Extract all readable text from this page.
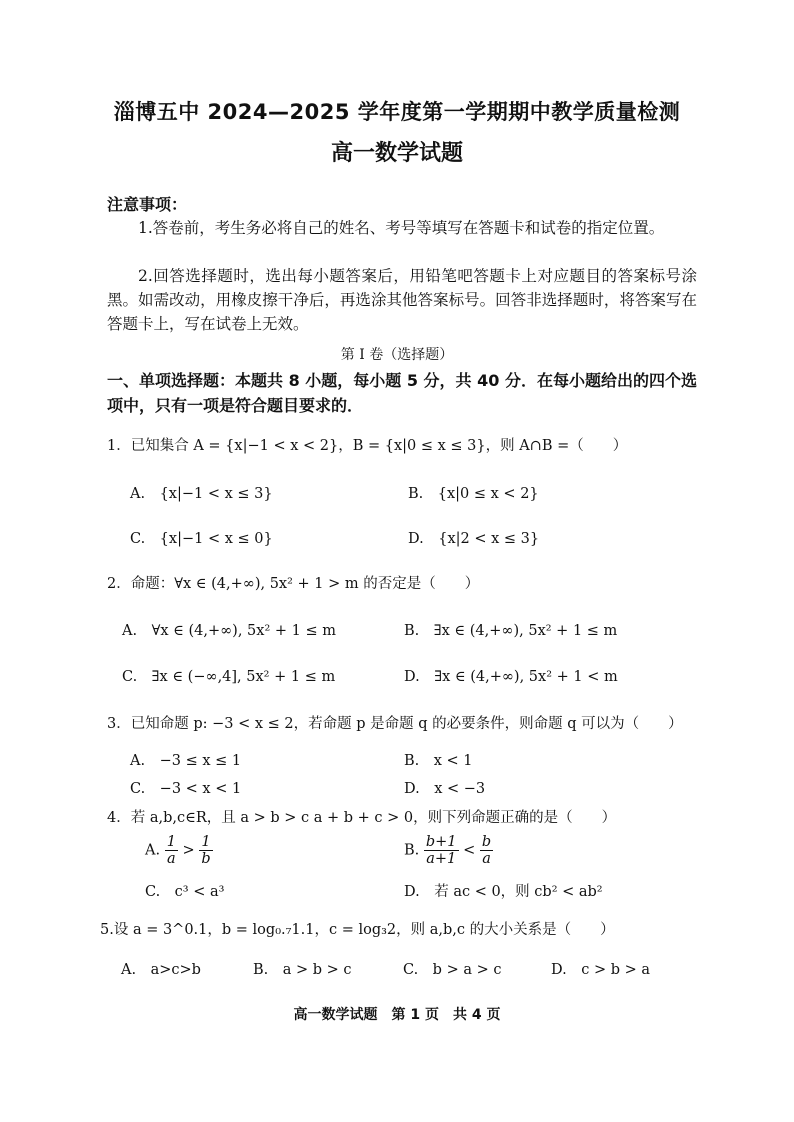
淄博五中 2024—2025 学年度第一学期期中教学质量检测
高一数学试题
注意事项：
1.答卷前，考生务必将自己的姓名、考号等填写在答题卡和试卷的指定位置。
2.回答选择题时，选出每小题答案后，用铅笔吧答题卡上对应题目的答案标号涂黑。如需改动，用橡皮擦干净后，再选涂其他答案标号。回答非选择题时，将答案写在答题卡上，写在试卷上无效。
第 I 卷（选择题）
一、单项选择题：本题共 8 小题，每小题 5 分，共 40 分．在每小题给出的四个选项中，只有一项是符合题目要求的．
1．已知集合 A = {x|−1 < x < 2}，B = {x|0 ≤ x ≤ 3}，则 A∩B =（　　）
A.　{x|−1 < x ≤ 3}	B.　{x|0 ≤ x < 2}
C.　{x|−1 < x ≤ 0}	D.　{x|2 < x ≤ 3}
2．命题：∀x ∈ (4,+∞), 5x² + 1 > m 的否定是（　　）
A.　∀x ∈ (4,+∞), 5x² + 1 ≤ m	B.　∃x ∈ (4,+∞), 5x² + 1 ≤ m
C.　∃x ∈ (−∞,4], 5x² + 1 ≤ m	D.　∃x ∈ (4,+∞), 5x² + 1 < m
3．已知命题 p: −3 < x ≤ 2，若命题 p 是命题 q 的必要条件，则命题 q 可以为（　　）
A.　−3 ≤ x ≤ 1	B.　x < 1
C.　−3 < x < 1	D.　x < −3
4．若 a,b,c∈R，且 a > b > c a + b + c > 0，则下列命题正确的是（　　）
A. $\frac{1}{a} > \frac{1}{b}$	B. $\frac{b+1}{a+1} < \frac{b}{a}$
C.　c³ < a³	D.　若 ac < 0，则 cb² < ab²
5.设 a = 3^0.1，b = log₀.₇1.1，c = log₃2，则 a,b,c 的大小关系是（　　）
A.　a>c>b	B.　a > b > c	C.　b > a > c	D.　c > b > a
高一数学试题　第 1 页　共 4 页
